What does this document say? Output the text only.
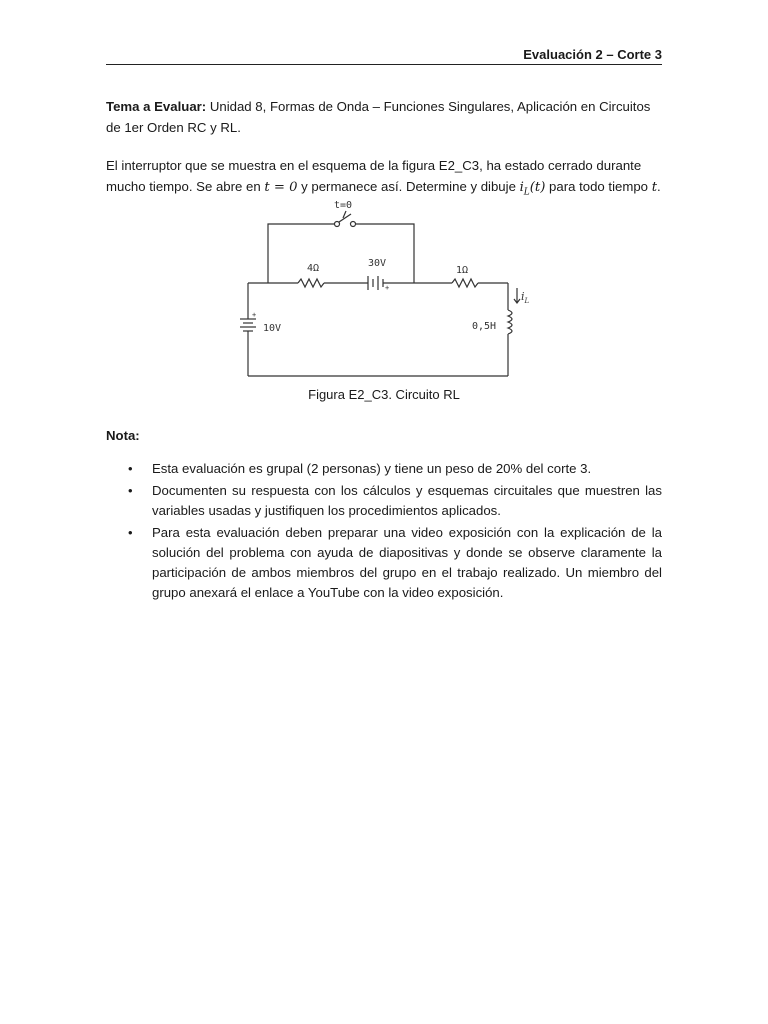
Evaluación 2 – Corte 3
Tema a Evaluar: Unidad 8, Formas de Onda – Funciones Singulares, Aplicación en Circuitos de 1er Orden RC y RL.
El interruptor que se muestra en el esquema de la figura E2_C3, ha estado cerrado durante mucho tiempo. Se abre en t = 0 y permanece así. Determine y dibuje $i_L(t)$ para todo tiempo t.
t=0
4Ω	30V
+
1Ω
+
10V	0,5H
$i_L$
Figura E2_C3. Circuito RL
Nota:
• Esta evaluación es grupal (2 personas) y tiene un peso de 20% del corte 3.
• Documenten su respuesta con los cálculos y esquemas circuitales que muestren las variables usadas y justifiquen los procedimientos aplicados.
• Para esta evaluación deben preparar una video exposición con la explicación de la solución del problema con ayuda de diapositivas y donde se observe claramente la participación de ambos miembros del grupo en el trabajo realizado. Un miembro del grupo anexará el enlace a YouTube con la video exposición.
